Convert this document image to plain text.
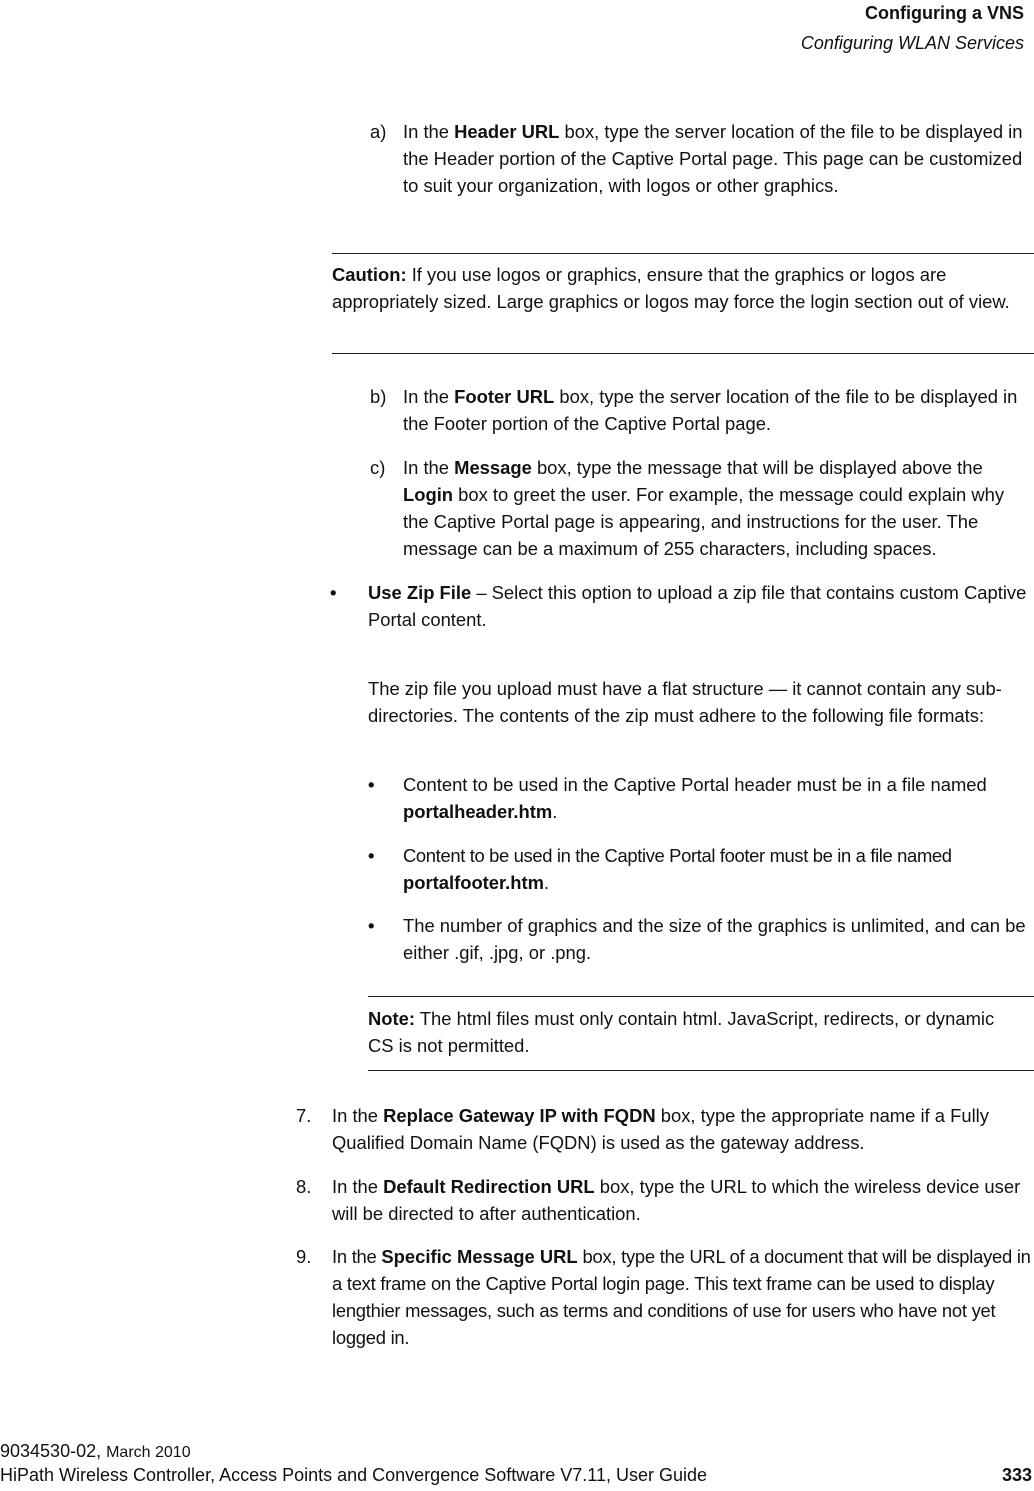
Configuring a VNS
Configuring WLAN Services
a) In the Header URL box, type the server location of the file to be displayed in the Header portion of the Captive Portal page. This page can be customized to suit your organization, with logos or other graphics.
Caution: If you use logos or graphics, ensure that the graphics or logos are appropriately sized. Large graphics or logos may force the login section out of view.
b) In the Footer URL box, type the server location of the file to be displayed in the Footer portion of the Captive Portal page.
c) In the Message box, type the message that will be displayed above the Login box to greet the user. For example, the message could explain why the Captive Portal page is appearing, and instructions for the user. The message can be a maximum of 255 characters, including spaces.
• Use Zip File – Select this option to upload a zip file that contains custom Captive Portal content.
The zip file you upload must have a flat structure — it cannot contain any sub-directories. The contents of the zip must adhere to the following file formats:
• Content to be used in the Captive Portal header must be in a file named portalheader.htm.
• Content to be used in the Captive Portal footer must be in a file named portalfooter.htm.
• The number of graphics and the size of the graphics is unlimited, and can be either .gif, .jpg, or .png.
Note: The html files must only contain html. JavaScript, redirects, or dynamic CS is not permitted.
7. In the Replace Gateway IP with FQDN box, type the appropriate name if a Fully Qualified Domain Name (FQDN) is used as the gateway address.
8. In the Default Redirection URL box, type the URL to which the wireless device user will be directed to after authentication.
9. In the Specific Message URL box, type the URL of a document that will be displayed in a text frame on the Captive Portal login page. This text frame can be used to display lengthier messages, such as terms and conditions of use for users who have not yet logged in.
9034530-02, March 2010
HiPath Wireless Controller, Access Points and Convergence Software V7.11, User Guide	333
